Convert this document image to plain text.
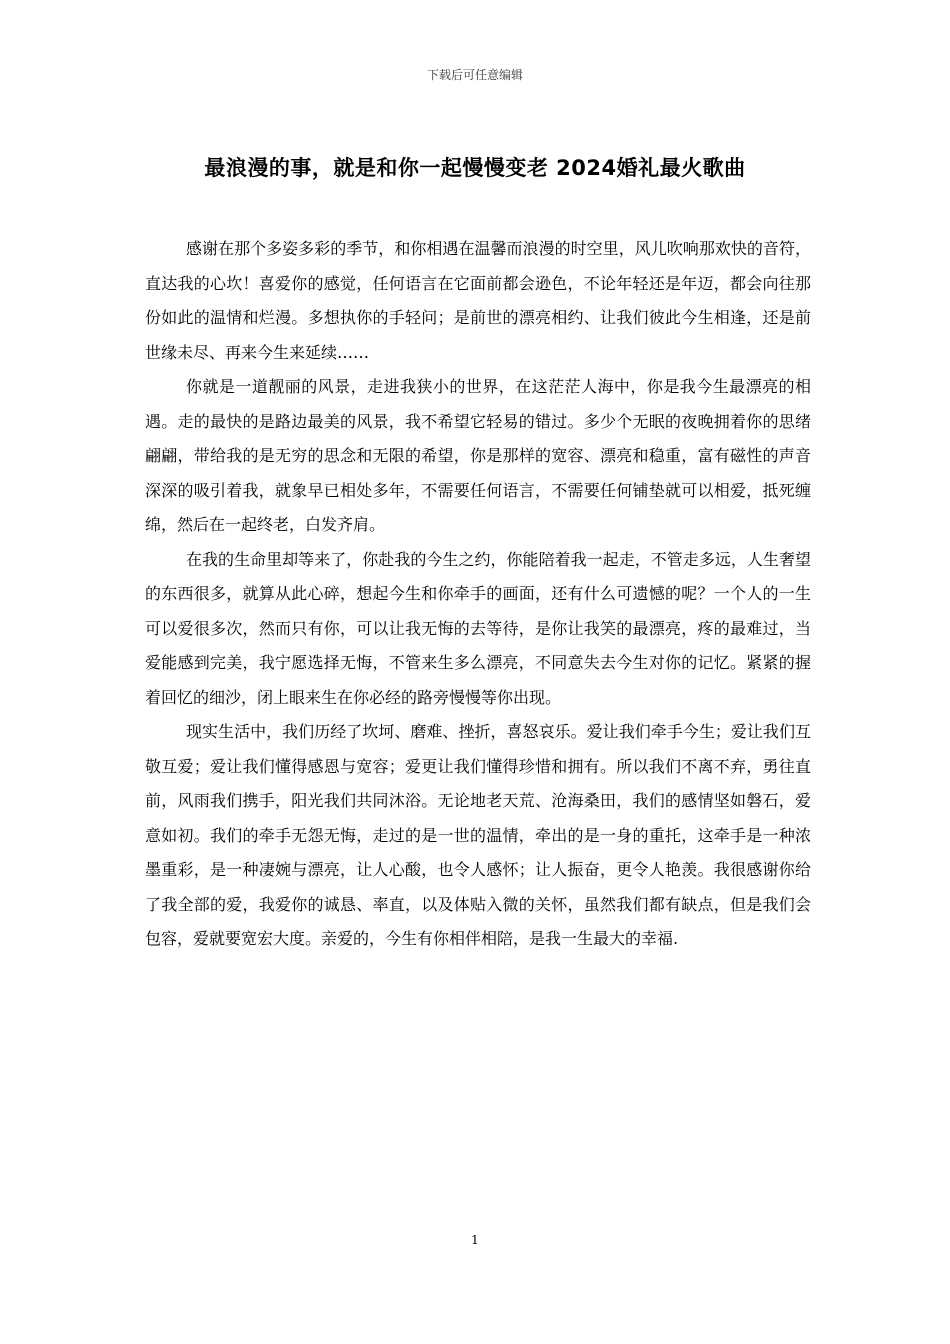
下载后可任意编辑
最浪漫的事，就是和你一起慢慢变老 2024婚礼最火歌曲

感谢在那个多姿多彩的季节，和你相遇在温馨而浪漫的时空里，风儿吹响那欢快的音符，直达我的心坎！喜爱你的感觉，任何语言在它面前都会逊色，不论年轻还是年迈，都会向往那份如此的温情和烂漫。多想执你的手轻问；是前世的漂亮相约、让我们彼此今生相逢，还是前世缘未尽、再来今生来延续……

你就是一道靓丽的风景，走进我狭小的世界，在这茫茫人海中，你是我今生最漂亮的相遇。走的最快的是路边最美的风景，我不希望它轻易的错过。多少个无眠的夜晚拥着你的思绪翩翩，带给我的是无穷的思念和无限的希望，你是那样的宽容、漂亮和稳重，富有磁性的声音深深的吸引着我，就象早已相处多年，不需要任何语言，不需要任何铺垫就可以相爱，抵死缠绵，然后在一起终老，白发齐肩。

在我的生命里却等来了，你赴我的今生之约，你能陪着我一起走，不管走多远，人生奢望的东西很多，就算从此心碎，想起今生和你牵手的画面，还有什么可遗憾的呢？一个人的一生可以爱很多次，然而只有你，可以让我无悔的去等待，是你让我笑的最漂亮，疼的最难过，当爱能感到完美，我宁愿选择无悔，不管来生多么漂亮，不同意失去今生对你的记忆。紧紧的握着回忆的细沙，闭上眼来生在你必经的路旁慢慢等你出现。

现实生活中，我们历经了坎坷、磨难、挫折，喜怒哀乐。爱让我们牵手今生；爱让我们互敬互爱；爱让我们懂得感恩与宽容；爱更让我们懂得珍惜和拥有。所以我们不离不弃，勇往直前，风雨我们携手，阳光我们共同沐浴。无论地老天荒、沧海桑田，我们的感情坚如磐石，爱意如初。我们的牵手无怨无悔，走过的是一世的温情，牵出的是一身的重托，这牵手是一种浓墨重彩，是一种凄婉与漂亮，让人心酸，也令人感怀；让人振奋，更令人艳羡。我很感谢你给了我全部的爱，我爱你的诚恳、率直，以及体贴入微的关怀，虽然我们都有缺点，但是我们会包容，爱就要宽宏大度。亲爱的，今生有你相伴相陪，是我一生最大的幸福.

1
